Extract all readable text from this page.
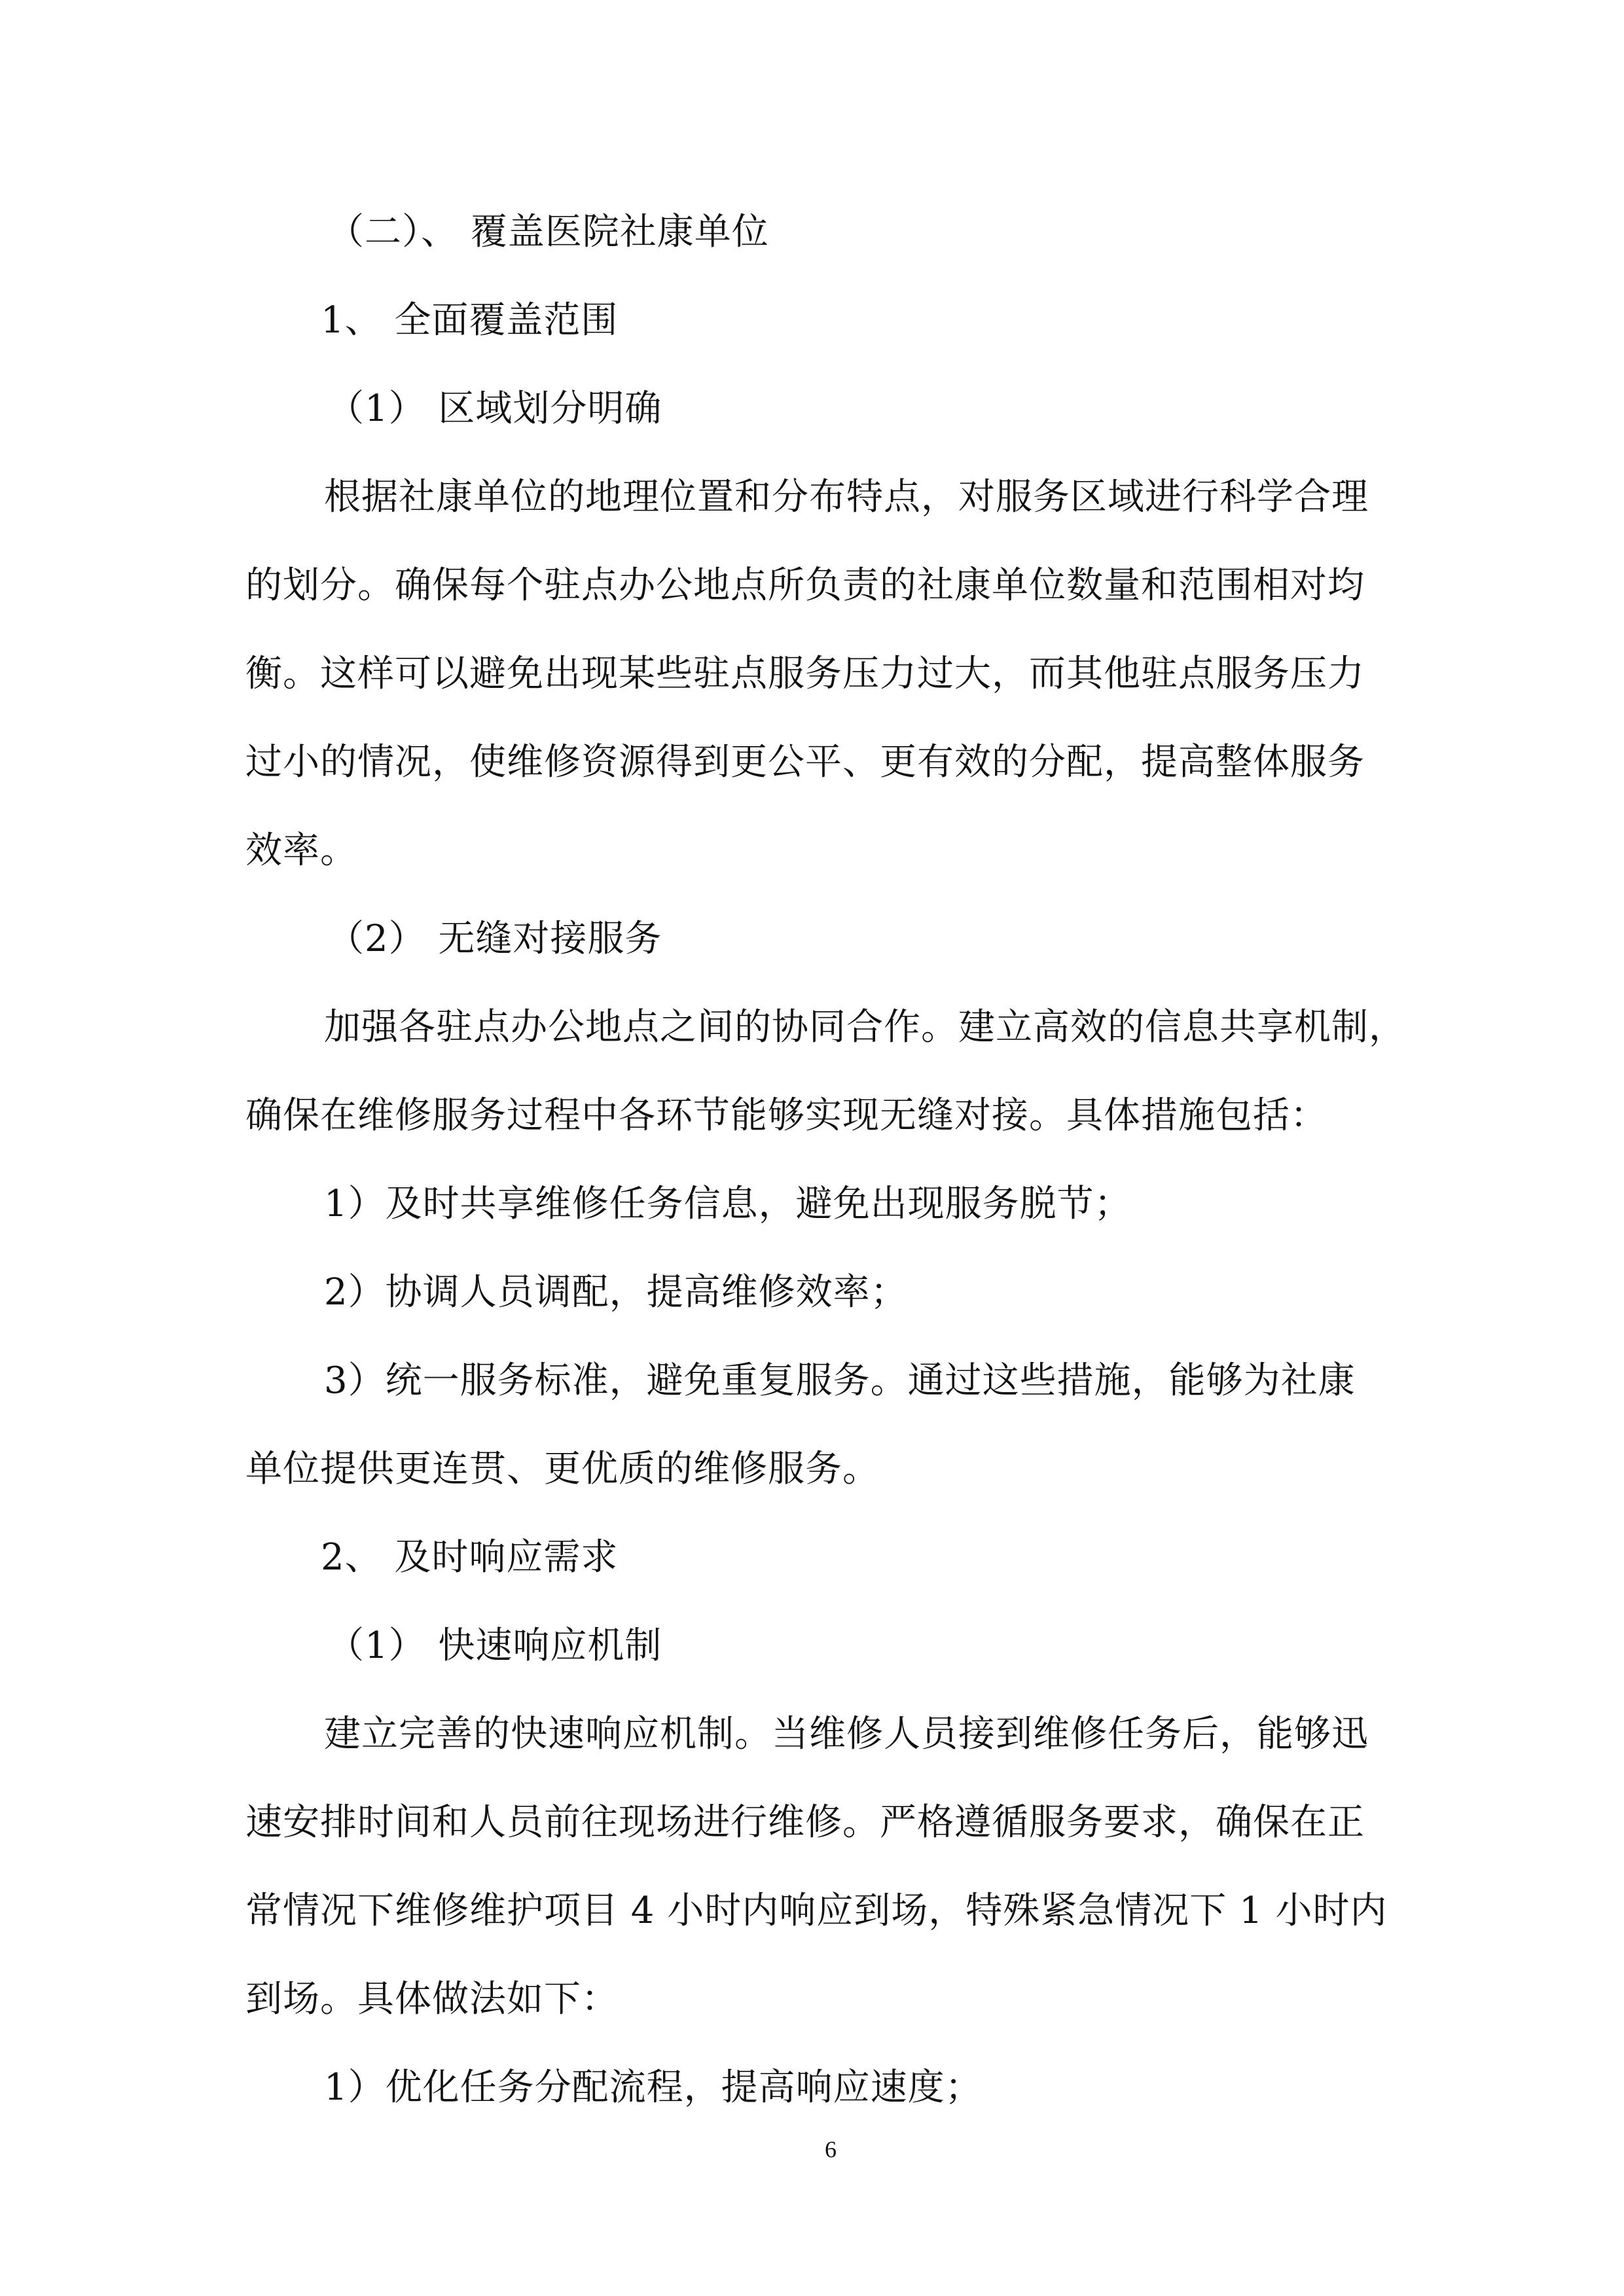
（二）、 覆盖医院社康单位
1、 全面覆盖范围
（1） 区域划分明确
根据社康单位的地理位置和分布特点，对服务区域进行科学合理
的划分。确保每个驻点办公地点所负责的社康单位数量和范围相对均
衡。这样可以避免出现某些驻点服务压力过大，而其他驻点服务压力
过小的情况，使维修资源得到更公平、更有效的分配，提高整体服务
效率。
（2） 无缝对接服务
加强各驻点办公地点之间的协同合作。建立高效的信息共享机制，
确保在维修服务过程中各环节能够实现无缝对接。具体措施包括：
1）及时共享维修任务信息，避免出现服务脱节；
2）协调人员调配，提高维修效率；
3）统一服务标准，避免重复服务。通过这些措施，能够为社康
单位提供更连贯、更优质的维修服务。
2、 及时响应需求
（1） 快速响应机制
建立完善的快速响应机制。当维修人员接到维修任务后，能够迅
速安排时间和人员前往现场进行维修。严格遵循服务要求，确保在正
常情况下维修维护项目 4 小时内响应到场，特殊紧急情况下 1 小时内
到场。具体做法如下：
1）优化任务分配流程，提高响应速度；
6
